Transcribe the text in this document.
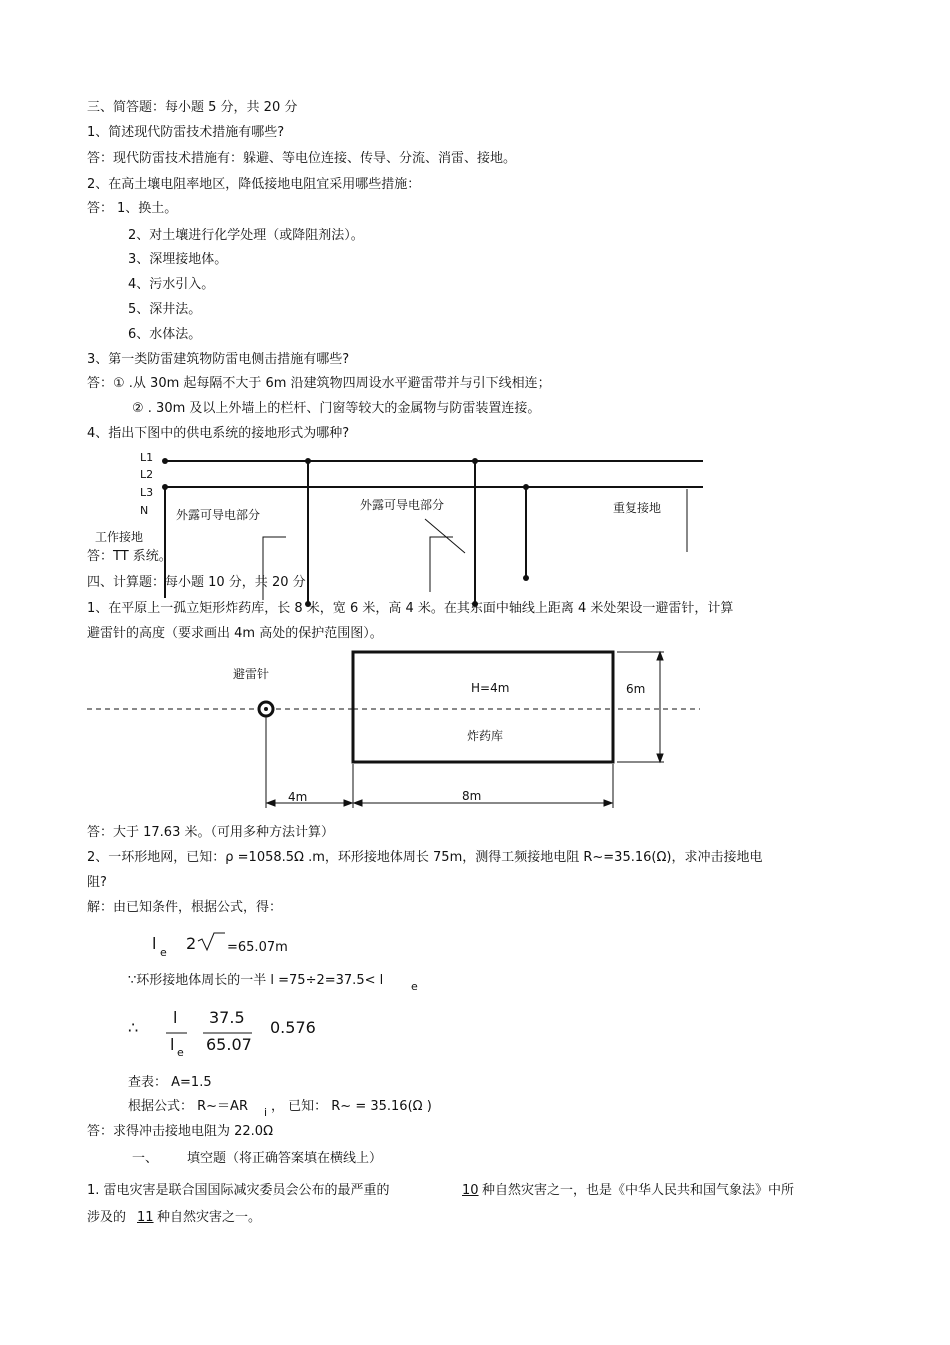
三、简答题：每小题 5 分，共 20 分
1、简述现代防雷技术措施有哪些?
答：现代防雷技术措施有：躲避、等电位连接、传导、分流、消雷、接地。
2、在高土壤电阻率地区，降低接地电阻宜采用哪些措施：
答： 1、换土。
2、对土壤进行化学处理（或降阻剂法）。
3、深埋接地体。
4、污水引入。
5、深井法。
6、水体法。
3、第一类防雷建筑物防雷电侧击措施有哪些?
答：① .从 30m 起每隔不大于 6m 沿建筑物四周设水平避雷带并与引下线相连；
② . 30m 及以上外墙上的栏杆、门窗等较大的金属物与防雷装置连接。
4、指出下图中的供电系统的接地形式为哪种?
L1
L2
L3
N 外露可导电部分
外露可导电部分	重复接地
工作接地
避雷针
H=4m
炸药库
6m
4m	8m
答：TT 系统。
四、计算题：每小题 10 分，共 20 分
1、在平原上一孤立矩形炸药库，长 8 米，宽 6 米，高 4 米。在其东面中轴线上距离 4 米处架设一避雷针，计算
避雷针的高度（要求画出 4m 高处的保护范围图）。
答：大于 17.63 米。（可用多种方法计算）
2、一环形地网，已知：ρ =1058.5Ω .m，环形接地体周长 75m，测得工频接地电阻 R~=35.16(Ω)，求冲击接地电
阻?
解：由已知条件，根据公式，得：
l e 2 =65.07m
∵环形接地体周长的一半 l =75÷2=37.5< l	e
∴
l
l e
37.5
65.07
0.576
查表： A=1.5
根据公式： R~＝AR i ， 已知： R~ = 35.16(Ω )
答：求得冲击接地电阻为 22.0Ω
一、 填空题（将正确答案填在横线上）
1. 雷电灾害是联合国国际减灾委员会公布的最严重的	10 种自然灾害之一，也是《中华人民共和国气象法》中所
涉及的 11 种自然灾害之一。
